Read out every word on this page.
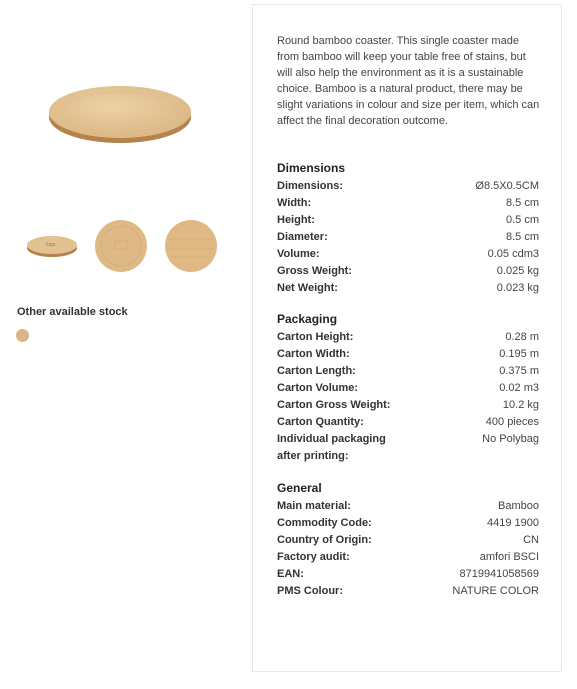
logo
Other available stock

Round bamboo coaster. This single coaster made from bamboo will keep your table free of stains, but will also help the environment as it is a sustainable choice. Bamboo is a natural product, there may be slight variations in colour and size per item, which can affect the final decoration outcome.

Dimensions
Dimensions:	Ø8.5X0.5CM
Width:	8.5 cm
Height:	0.5 cm
Diameter:	8.5 cm
Volume:	0.05 cdm3
Gross Weight:	0.025 kg
Net Weight:	0.023 kg
Packaging
Carton Height:	0.28 m
Carton Width:	0.195 m
Carton Length:	0.375 m
Carton Volume:	0.02 m3
Carton Gross Weight:	10.2 kg
Carton Quantity:	400 pieces
Individual packaging after printing:
No Polybag
General
Main material:	Bamboo
Commodity Code:	4419 1900
Country of Origin:	CN
Factory audit:	amfori BSCI
EAN:	8719941058569
PMS Colour:	NATURE COLOR
